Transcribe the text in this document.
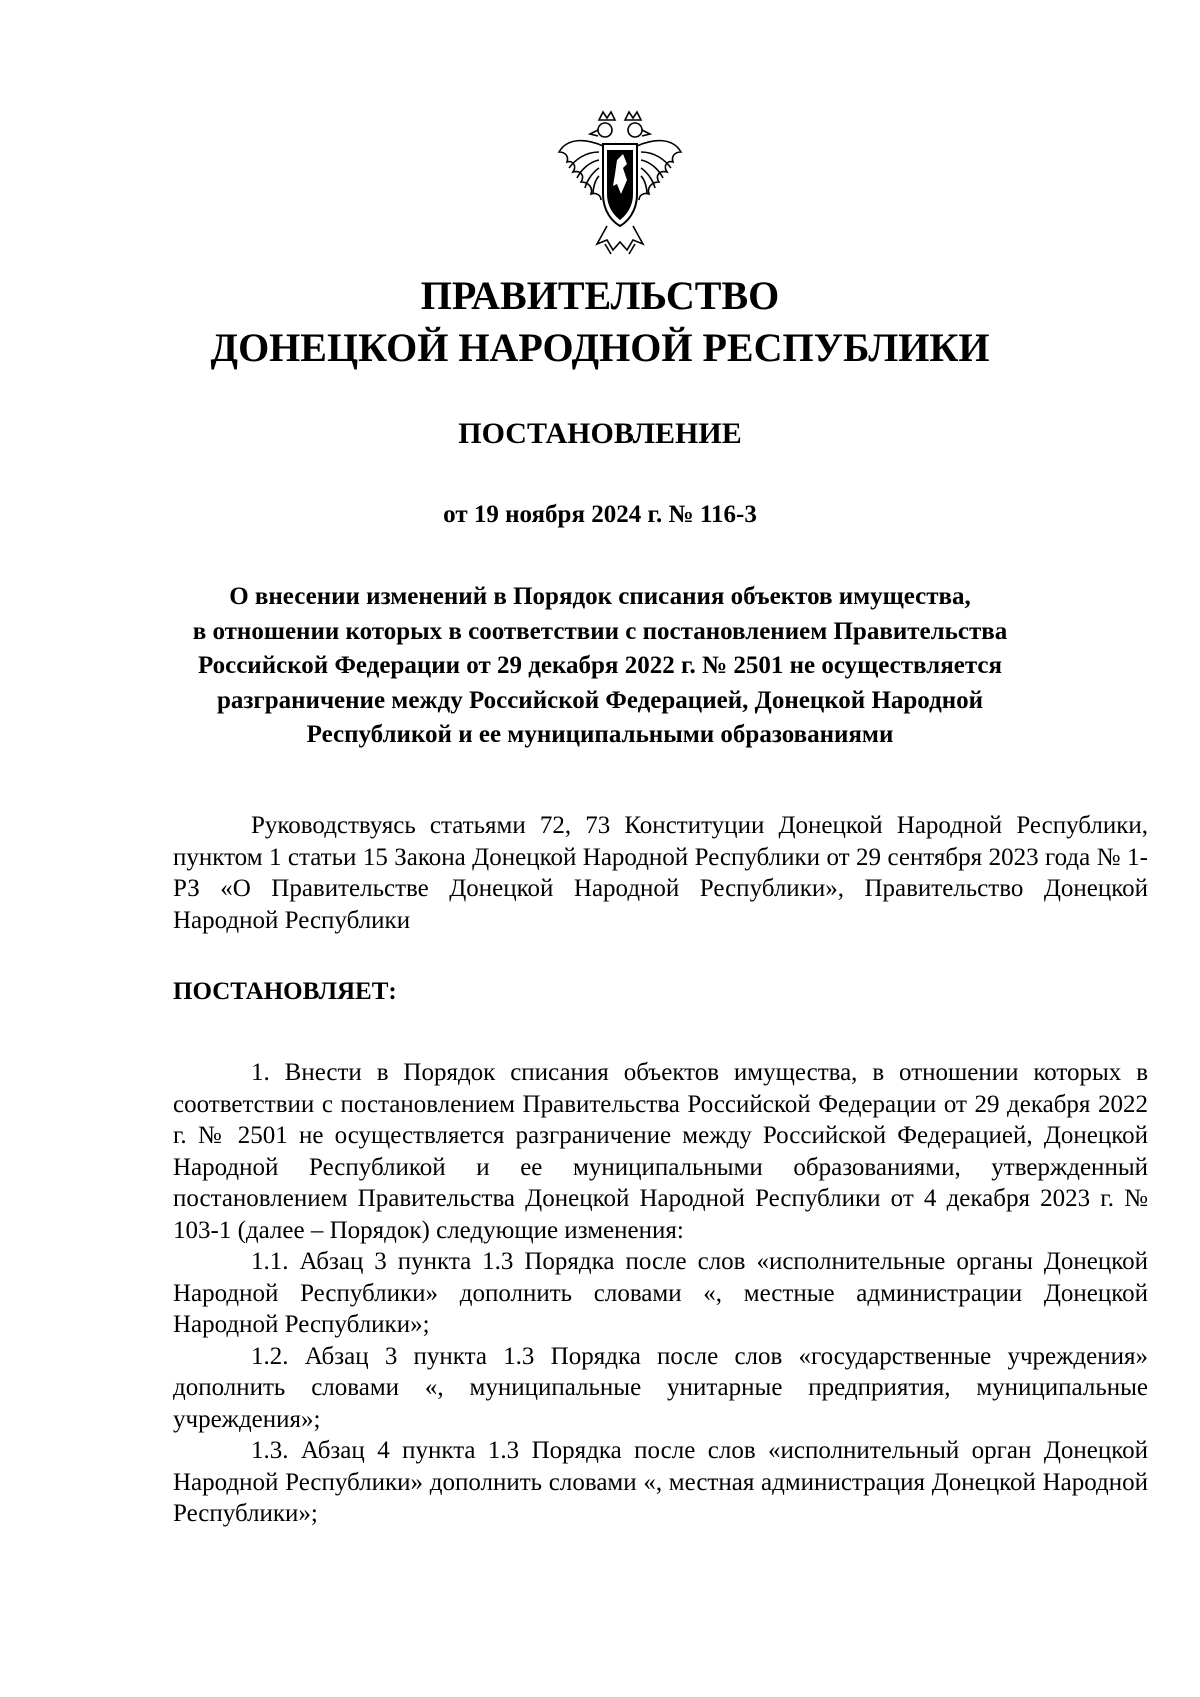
ПРАВИТЕЛЬСТВО
ДОНЕЦКОЙ НАРОДНОЙ РЕСПУБЛИКИ
ПОСТАНОВЛЕНИЕ
от 19 ноября 2024 г. № 116-3
О внесении изменений в Порядок списания объектов имущества,
в отношении которых в соответствии с постановлением Правительства
Российской Федерации от 29 декабря 2022 г. № 2501 не осуществляется
разграничение между Российской Федерацией, Донецкой Народной
Республикой и ее муниципальными образованиями

Руководствуясь статьями 72, 73 Конституции Донецкой Народной Республики, пунктом 1 статьи 15 Закона Донецкой Народной Республики от 29 сентября 2023 года № 1-РЗ «О Правительстве Донецкой Народной Республики», Правительство Донецкой Народной Республики

ПОСТАНОВЛЯЕТ:

1. Внести в Порядок списания объектов имущества, в отношении которых в соответствии с постановлением Правительства Российской Федерации от 29 декабря 2022 г. № 2501 не осуществляется разграничение между Российской Федерацией, Донецкой Народной Республикой и ее муниципальными образованиями, утвержденный постановлением Правительства Донецкой Народной Республики от 4 декабря 2023 г. № 103-1 (далее – Порядок) следующие изменения:

1.1. Абзац 3 пункта 1.3 Порядка после слов «исполнительные органы Донецкой Народной Республики» дополнить словами «, местные администрации Донецкой Народной Республики»;

1.2. Абзац 3 пункта 1.3 Порядка после слов «государственные учреждения» дополнить словами «, муниципальные унитарные предприятия, муниципальные учреждения»;

1.3. Абзац 4 пункта 1.3 Порядка после слов «исполнительный орган Донецкой Народной Республики» дополнить словами «, местная администрация Донецкой Народной Республики»;
